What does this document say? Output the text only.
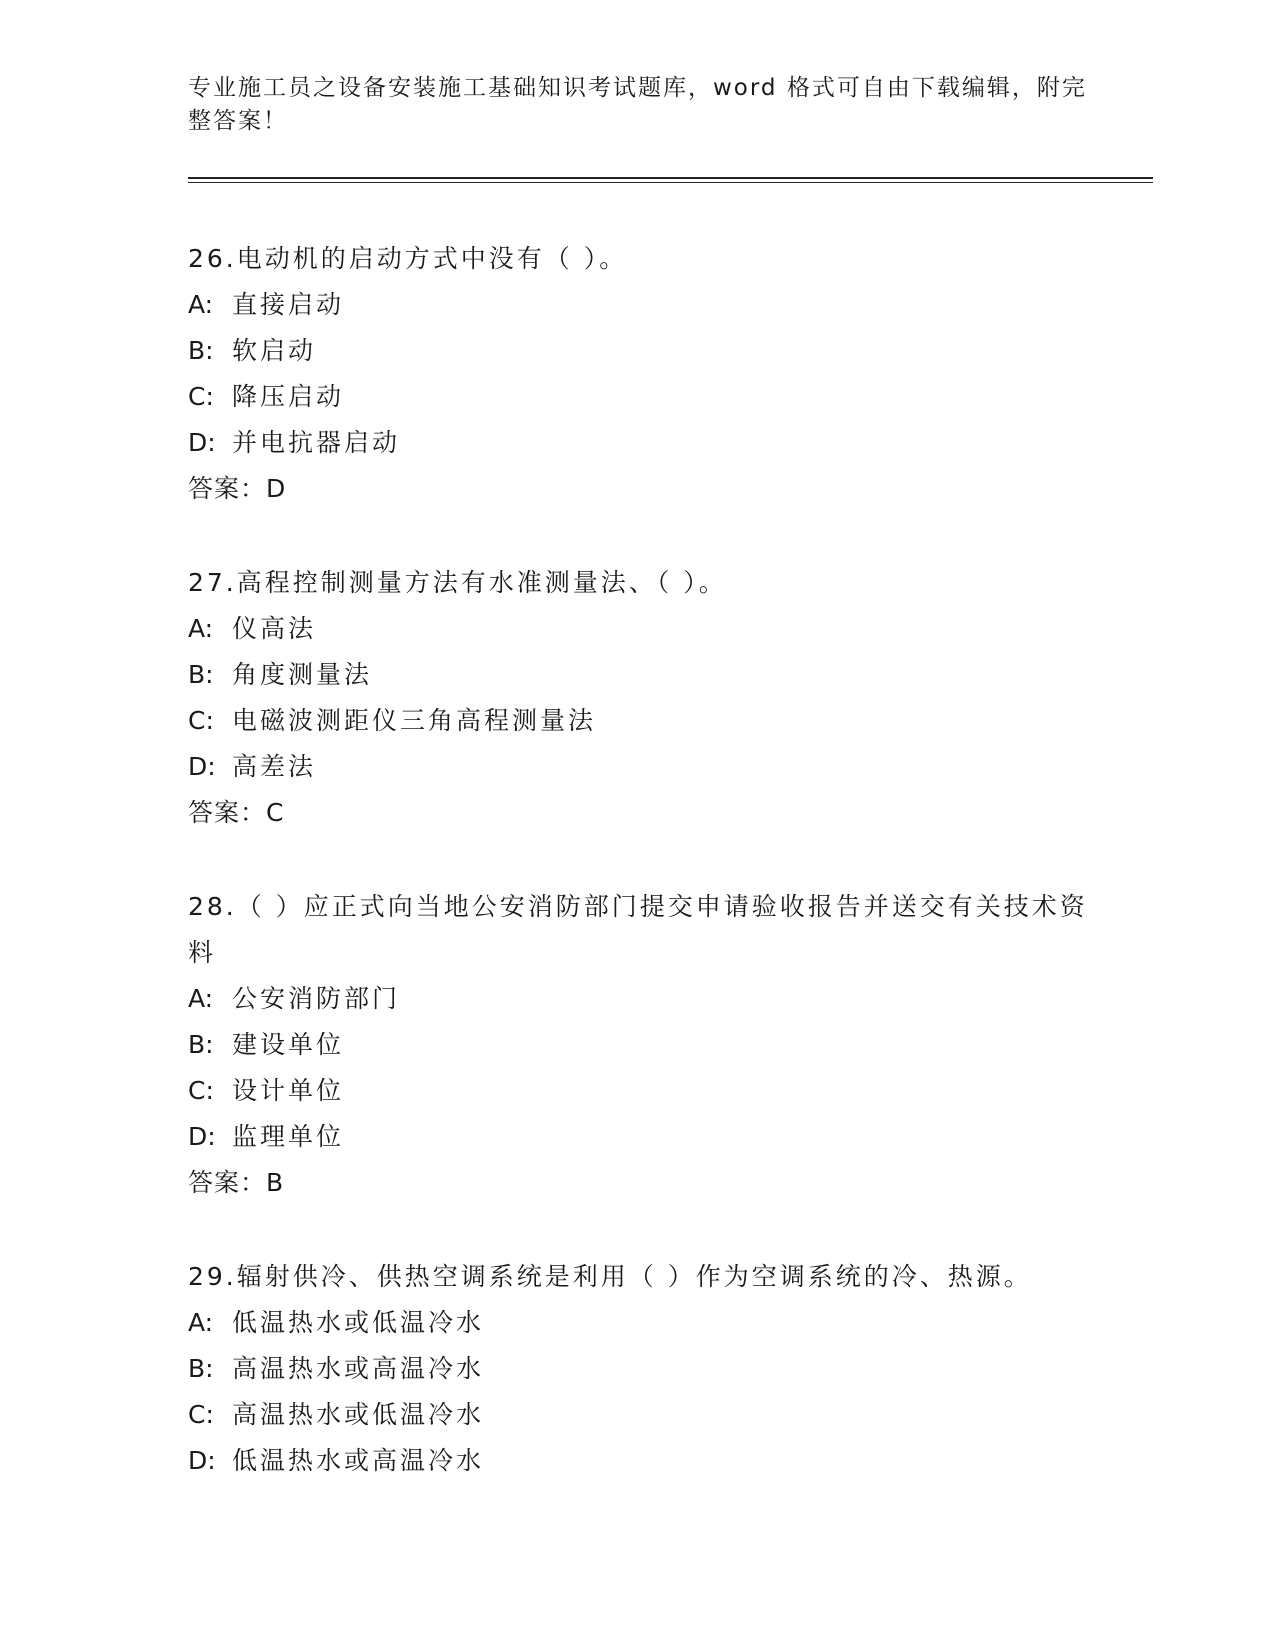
专业施工员之设备安装施工基础知识考试题库，word 格式可自由下载编辑，附完整答案！
26.电动机的启动方式中没有（ ）。
A: 直接启动
B: 软启动
C: 降压启动
D: 并电抗器启动
答案：D
27.高程控制测量方法有水准测量法、（ ）。
A: 仪高法
B: 角度测量法
C: 电磁波测距仪三角高程测量法
D: 高差法
答案：C
28.（ ）应正式向当地公安消防部门提交申请验收报告并送交有关技术资料
A: 公安消防部门
B: 建设单位
C: 设计单位
D: 监理单位
答案：B
29.辐射供冷、供热空调系统是利用（ ）作为空调系统的冷、热源。
A: 低温热水或低温冷水
B: 高温热水或高温冷水
C: 高温热水或低温冷水
D: 低温热水或高温冷水
